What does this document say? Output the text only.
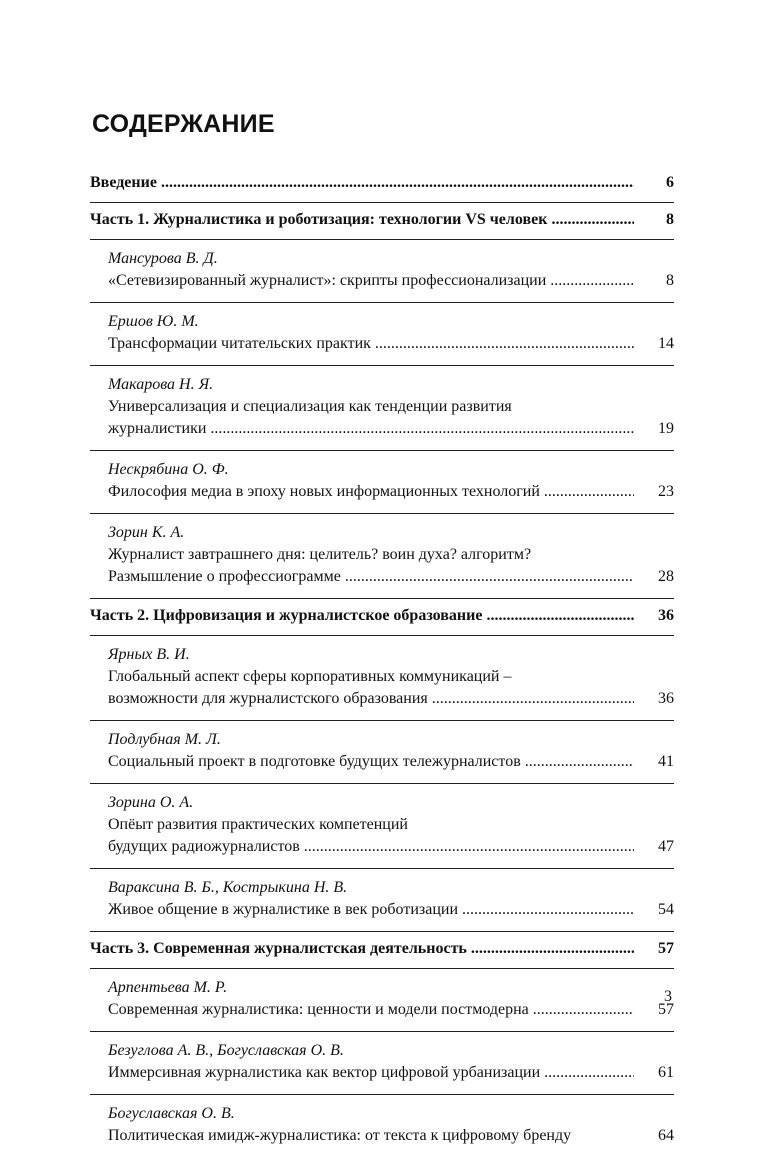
СОДЕРЖАНИЕ
Введение .....	6
Часть 1. Журналистика и роботизация: технологии VS человек .....	8
Мансурова В. Д.
«Сетевизированный журналист»: скрипты профессионализации .....	8
Ершов Ю. М.
Трансформации читательских практик .....	14
Макарова Н. Я.
Универсализация и специализация как тенденции развития
журналистики .....	19
Нескрябина О. Ф.
Философия медиа в эпоху новых информационных технологий .....	23
Зорин К. А.
Журналист завтрашнего дня: целитель? воин духа? алгоритм?
Размышление о профессиограмме .....	28
Часть 2. Цифровизация и журналистское образование .....	36
Ярных В. И.
Глобальный аспект сферы корпоративных коммуникаций –
возможности для журналистского образования .....	36
Подлубная М. Л.
Социальный проект в подготовке будущих тележурналистов .....	41
Зорина О. А.
Опёыт развития практических компетенций
будущих радиожурналистов .....	47
Вараксина В. Б., Кострыкина Н. В.
Живое общение в журналистике в век роботизации .....	54
Часть 3. Современная журналистская деятельность .....	57
Арпентьева М. Р.
Современная журналистика: ценности и модели постмодерна .....	57
Безуглова А. В., Богуславская О. В.
Иммерсивная журналистика как вектор цифровой урбанизации .....	61
Богуславская О. В.
Политическая имидж-журналистика: от текста к цифровому бренду	64
3
